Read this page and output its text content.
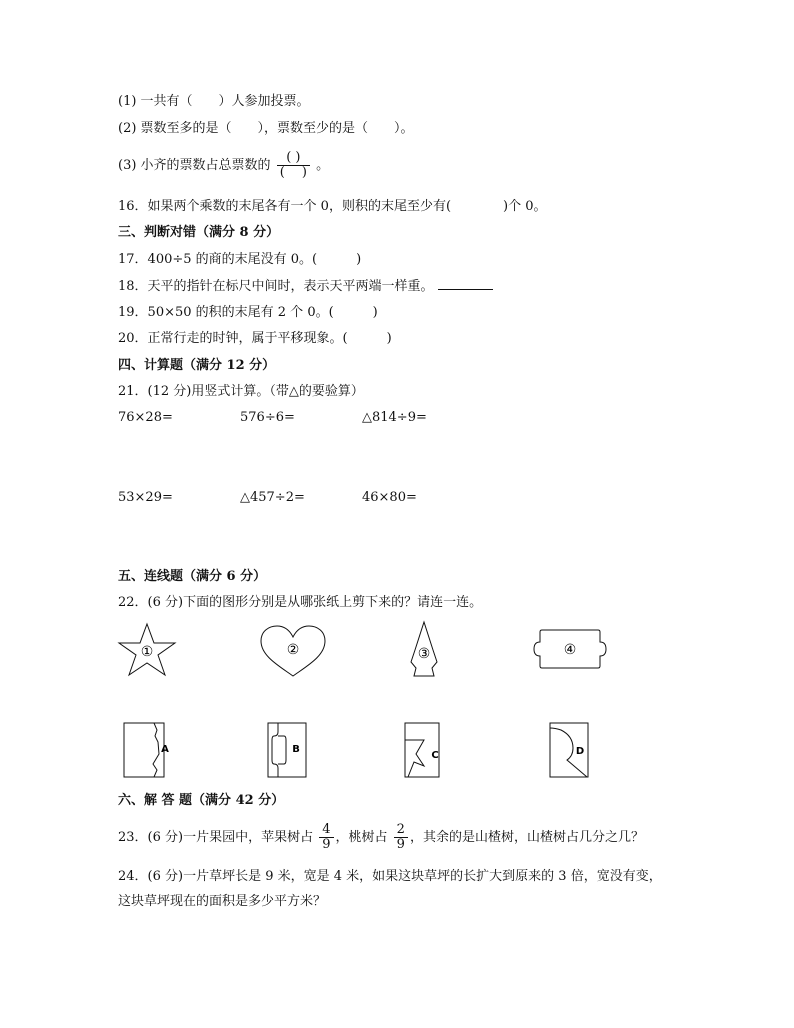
(1) 一共有（　　）人参加投票。
(2) 票数至多的是（　　），票数至少的是（　　）。
(3) 小齐的票数占总票数的 $\frac{( )}{( )}$ 。
16．如果两个乘数的末尾各有一个 0，则积的末尾至少有(　　　　)个 0。
三、判断对错（满分 8 分）
17．400÷5 的商的末尾没有 0。(　　　)
18．天平的指针在标尺中间时，表示天平两端一样重。
19．50×50 的积的末尾有 2 个 0。(　　　)
20．正常行走的时钟，属于平移现象。(　　　)
四、计算题（满分 12 分）
21．(12 分)用竖式计算。（带△的要验算）
76×28=	576÷6=	△814÷9=
53×29=	△457÷2=	46×80=
五、连线题（满分 6 分）
22．(6 分)下面的图形分别是从哪张纸上剪下来的？请连一连。
①	②	③	④
A	B
C	D
六、解 答 题（满分 42 分）
23．(6 分)一片果园中，苹果树占 $\frac{4}{9}$ ，桃树占 $\frac{2}{9}$ ，其余的是山楂树，山楂树占几分之几？
24．(6 分)一片草坪长是 9 米，宽是 4 米，如果这块草坪的长扩大到原来的 3 倍，宽没有变，
这块草坪现在的面积是多少平方米？
